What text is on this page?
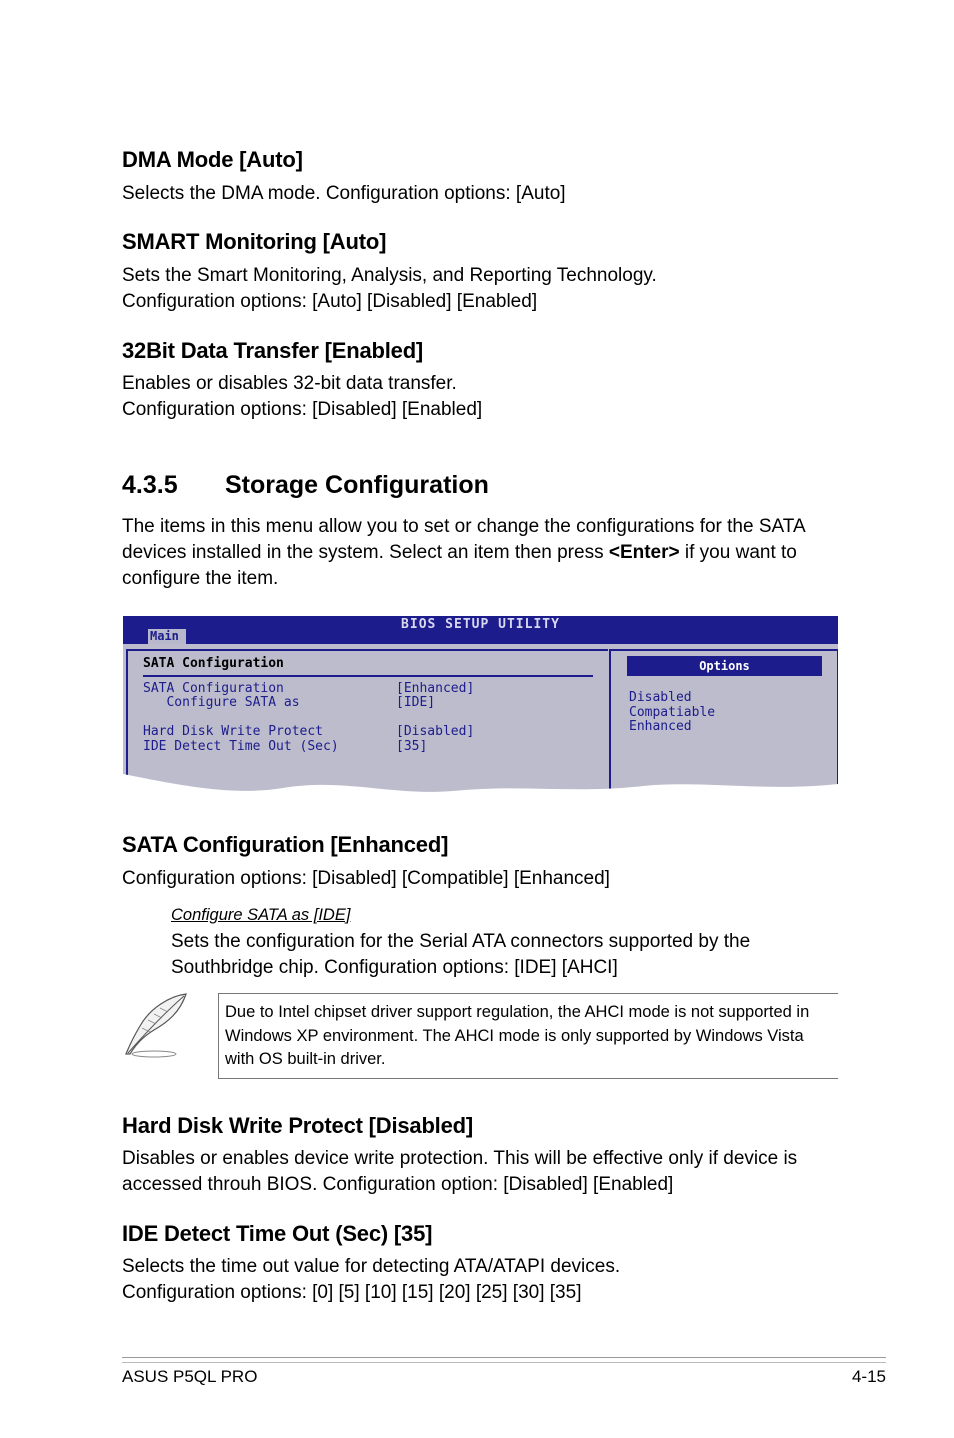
DMA Mode [Auto]
Selects the DMA mode. Configuration options: [Auto]
SMART Monitoring [Auto]
Sets the Smart Monitoring, Analysis, and Reporting Technology.
Configuration options: [Auto] [Disabled] [Enabled]
32Bit Data Transfer [Enabled]
Enables or disables 32-bit data transfer.
Configuration options: [Disabled] [Enabled]
4.3.5 Storage Configuration
The items in this menu allow you to set or change the configurations for the SATA
devices installed in the system. Select an item then press <Enter> if you want to
configure the item.
BIOS SETUP UTILITY
Main
SATA Configuration
SATA Configuration	[Enhanced]
Configure SATA as	[IDE]
Hard Disk Write Protect	[Disabled]
IDE Detect Time Out (Sec)	[35]
Options
Disabled
Compatiable
Enhanced
SATA Configuration [Enhanced]
Configuration options: [Disabled] [Compatible] [Enhanced]
Configure SATA as [IDE]
Sets the configuration for the Serial ATA connectors supported by the
Southbridge chip. Configuration options: [IDE] [AHCI]
Due to Intel chipset driver support regulation, the AHCI mode is not supported in
Windows XP environment. The AHCI mode is only supported by Windows Vista
with OS built-in driver.
Hard Disk Write Protect [Disabled]
Disables or enables device write protection. This will be effective only if device is
accessed throuh BIOS. Configuration option: [Disabled] [Enabled]
IDE Detect Time Out (Sec) [35]
Selects the time out value for detecting ATA/ATAPI devices.
Configuration options: [0] [5] [10] [15] [20] [25] [30] [35]
ASUS P5QL PRO	4-15
